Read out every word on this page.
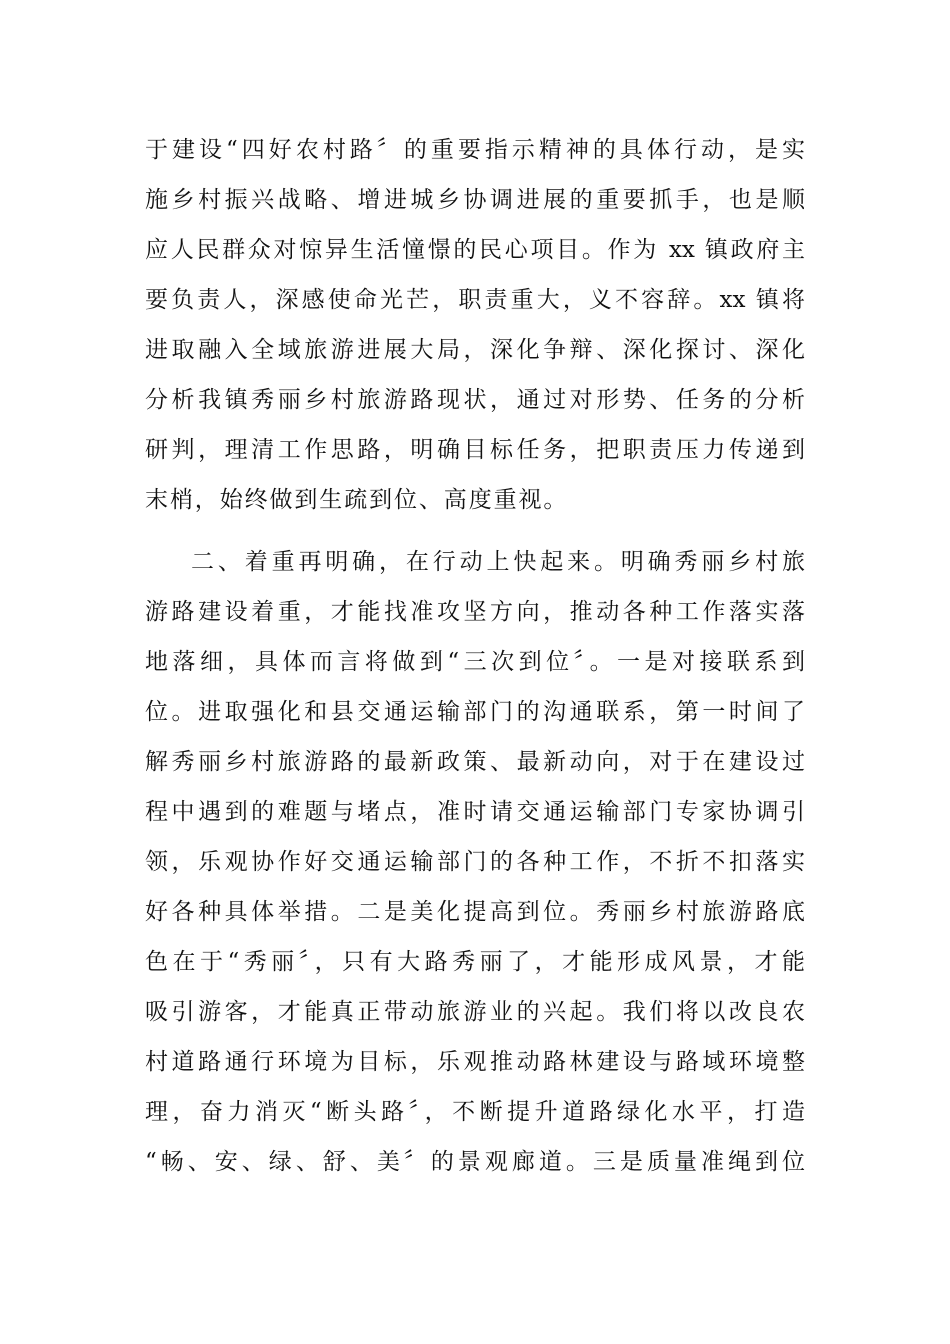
于建设“四好农村路〞的重要指示精神的具体行动，是实
施乡村振兴战略、增进城乡协调进展的重要抓手，也是顺
应人民群众对惊异生活憧憬的民心项目。作为 xx 镇政府主
要负责人，深感使命光芒，职责重大，义不容辞。xx 镇将
进取融入全域旅游进展大局，深化争辩、深化探讨、深化
分析我镇秀丽乡村旅游路现状，通过对形势、任务的分析
研判，理清工作思路，明确目标任务，把职责压力传递到
末梢，始终做到生疏到位、高度重视。
二、着重再明确，在行动上快起来。明确秀丽乡村旅
游路建设着重，才能找准攻坚方向，推动各种工作落实落
地落细，具体而言将做到“三次到位〞。一是对接联系到
位。进取强化和县交通运输部门的沟通联系，第一时间了
解秀丽乡村旅游路的最新政策、最新动向，对于在建设过
程中遇到的难题与堵点，准时请交通运输部门专家协调引
领，乐观协作好交通运输部门的各种工作，不折不扣落实
好各种具体举措。二是美化提高到位。秀丽乡村旅游路底
色在于“秀丽〞，只有大路秀丽了，才能形成风景，才能
吸引游客，才能真正带动旅游业的兴起。我们将以改良农
村道路通行环境为目标，乐观推动路林建设与路域环境整
理，奋力消灭“断头路〞，不断提升道路绿化水平，打造
“畅、安、绿、舒、美〞的景观廊道。三是质量准绳到位
